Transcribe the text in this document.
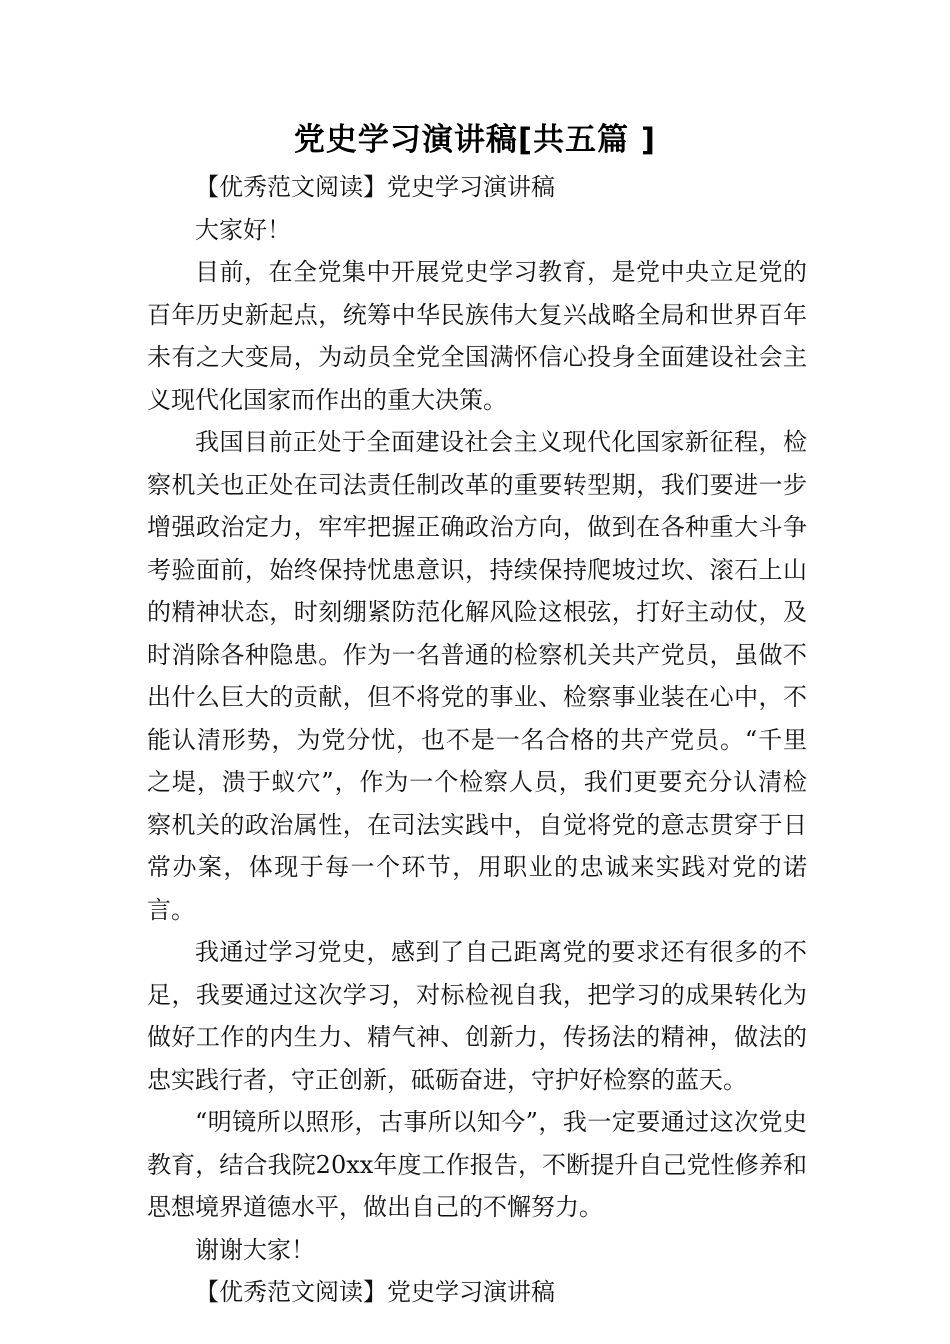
党史学习演讲稿[共五篇 ]

【优秀范文阅读】党史学习演讲稿

大家好！

目前，在全党集中开展党史学习教育，是党中央立足党的百年历史新起点，统筹中华民族伟大复兴战略全局和世界百年未有之大变局，为动员全党全国满怀信心投身全面建设社会主义现代化国家而作出的重大决策。

我国目前正处于全面建设社会主义现代化国家新征程，检察机关也正处在司法责任制改革的重要转型期，我们要进一步增强政治定力，牢牢把握正确政治方向，做到在各种重大斗争考验面前，始终保持忧患意识，持续保持爬坡过坎、滚石上山的精神状态，时刻绷紧防范化解风险这根弦，打好主动仗，及时消除各种隐患。作为一名普通的检察机关共产党员，虽做不出什么巨大的贡献，但不将党的事业、检察事业装在心中，不能认清形势，为党分忧，也不是一名合格的共产党员。“千里之堤，溃于蚁穴”，作为一个检察人员，我们更要充分认清检察机关的政治属性，在司法实践中，自觉将党的意志贯穿于日常办案，体现于每一个环节，用职业的忠诚来实践对党的诺言。

我通过学习党史，感到了自己距离党的要求还有很多的不足，我要通过这次学习，对标检视自我，把学习的成果转化为做好工作的内生力、精气神、创新力，传扬法的精神，做法的忠实践行者，守正创新，砥砺奋进，守护好检察的蓝天。

“明镜所以照形，古事所以知今”，我一定要通过这次党史教育，结合我院20xx年度工作报告，不断提升自己党性修养和思想境界道德水平，做出自己的不懈努力。

谢谢大家！

【优秀范文阅读】党史学习演讲稿
